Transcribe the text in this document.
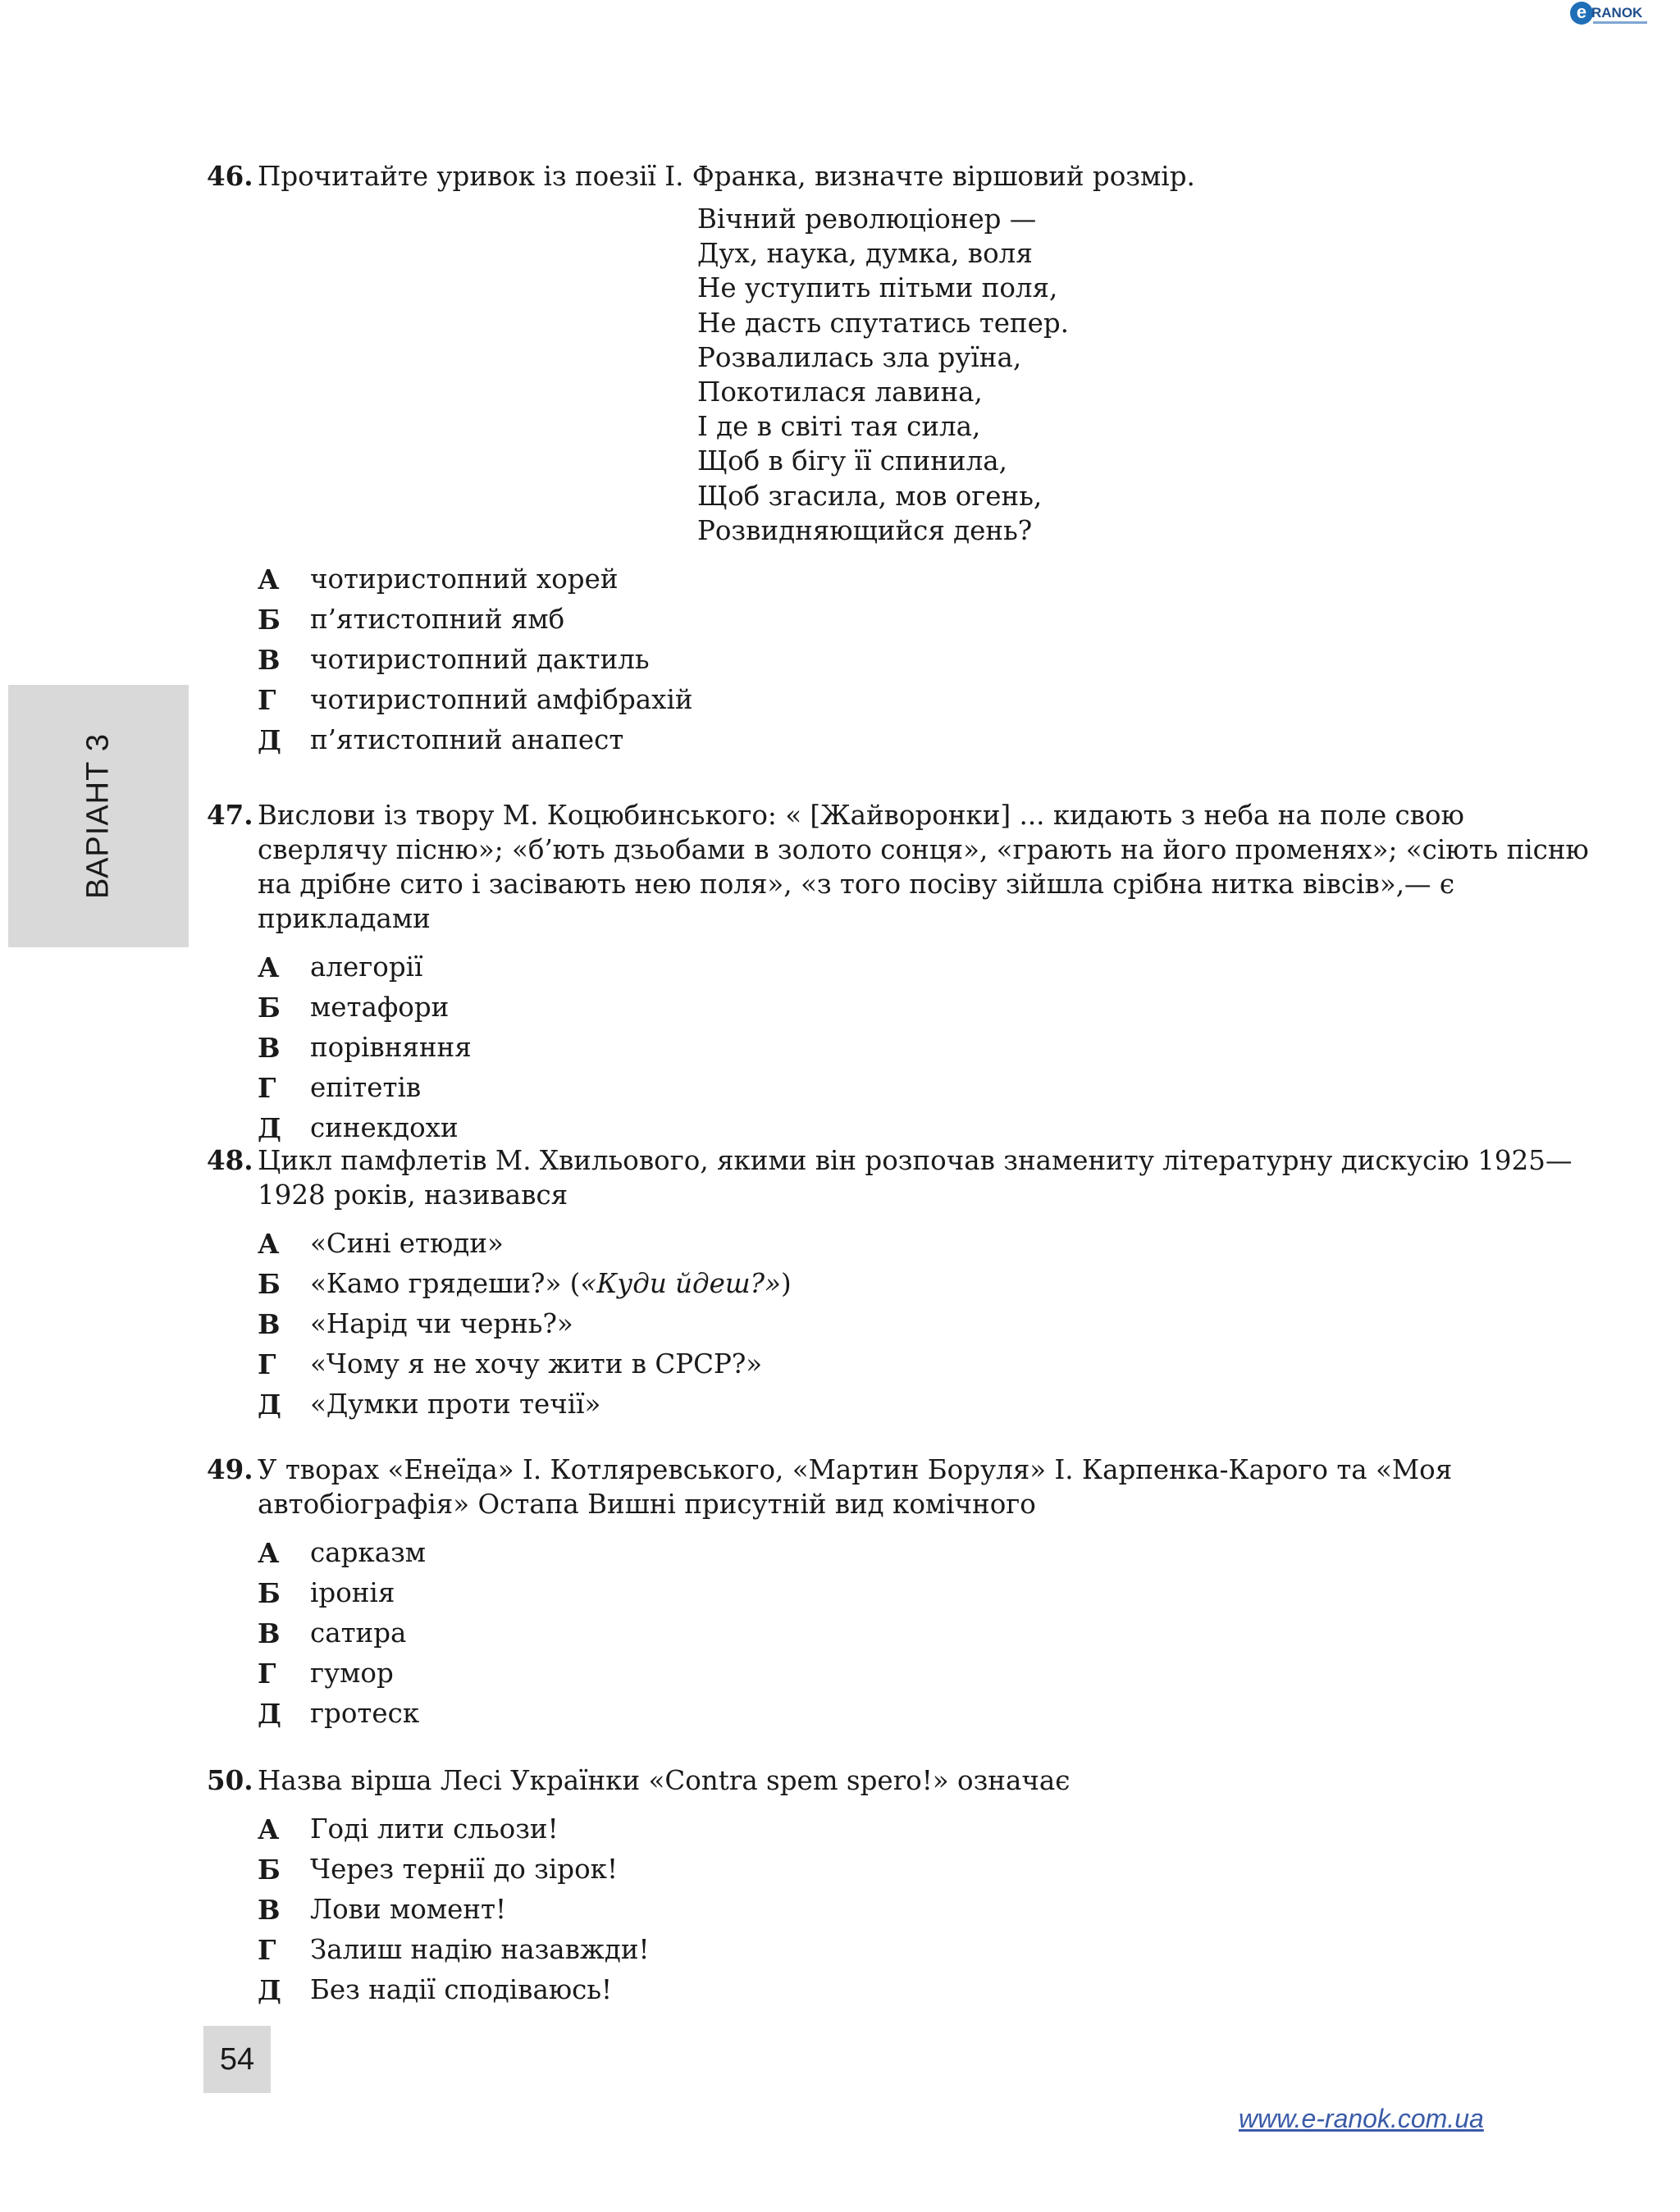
e RANOK
ВАРІАНТ 3
46. Прочитайте уривок із поезії І. Франка, визначте віршовий розмір.
Вічний революціонер —
Дух, наука, думка, воля
Не уступить пітьми поля,
Не дасть спутатись тепер.
Розвалилась зла руїна,
Покотилася лавина,
І де в світі тая сила,
Щоб в бігу її спинила,
Щоб згасила, мов огень,
Розвидняющийся день?
А чотиристопний хорей
Б п’ятистопний ямб
В чотиристопний дактиль
Г чотиристопний амфібрахій
Д п’ятистопний анапест
47. Вислови із твору М. Коцюбинського: « [Жайворонки] ... кидають з неба на поле свою сверлячу пісню»; «б’ють дзьобами в золото сонця», «грають на його променях»; «сіють пісню на дрібне сито і засівають нею поля», «з того посіву зійшла срібна нитка вівсів»,— є прикладами
А алегорії
Б метафори
В порівняння
Г епітетів
Д синекдохи
48. Цикл памфлетів М. Хвильового, якими він розпочав знамениту літературну дискусію 1925—1928 років, називався
А «Сині етюди»
Б «Камо грядеши?» («Куди йдеш?»)
В «Нарід чи чернь?»
Г «Чому я не хочу жити в СРСР?»
Д «Думки проти течії»
49. У творах «Енеїда» І. Котляревського, «Мартин Боруля» І. Карпенка-Карого та «Моя автобіографія» Остапа Вишні присутній вид комічного
А сарказм
Б іронія
В сатира
Г гумор
Д гротеск
50. Назва вірша Лесі Українки «Contra spem spero!» означає
А Годі лити сльози!
Б Через тернії до зірок!
В Лови момент!
Г Залиш надію назавжди!
Д Без надії сподіваюсь!
54
www.e-ranok.com.ua
